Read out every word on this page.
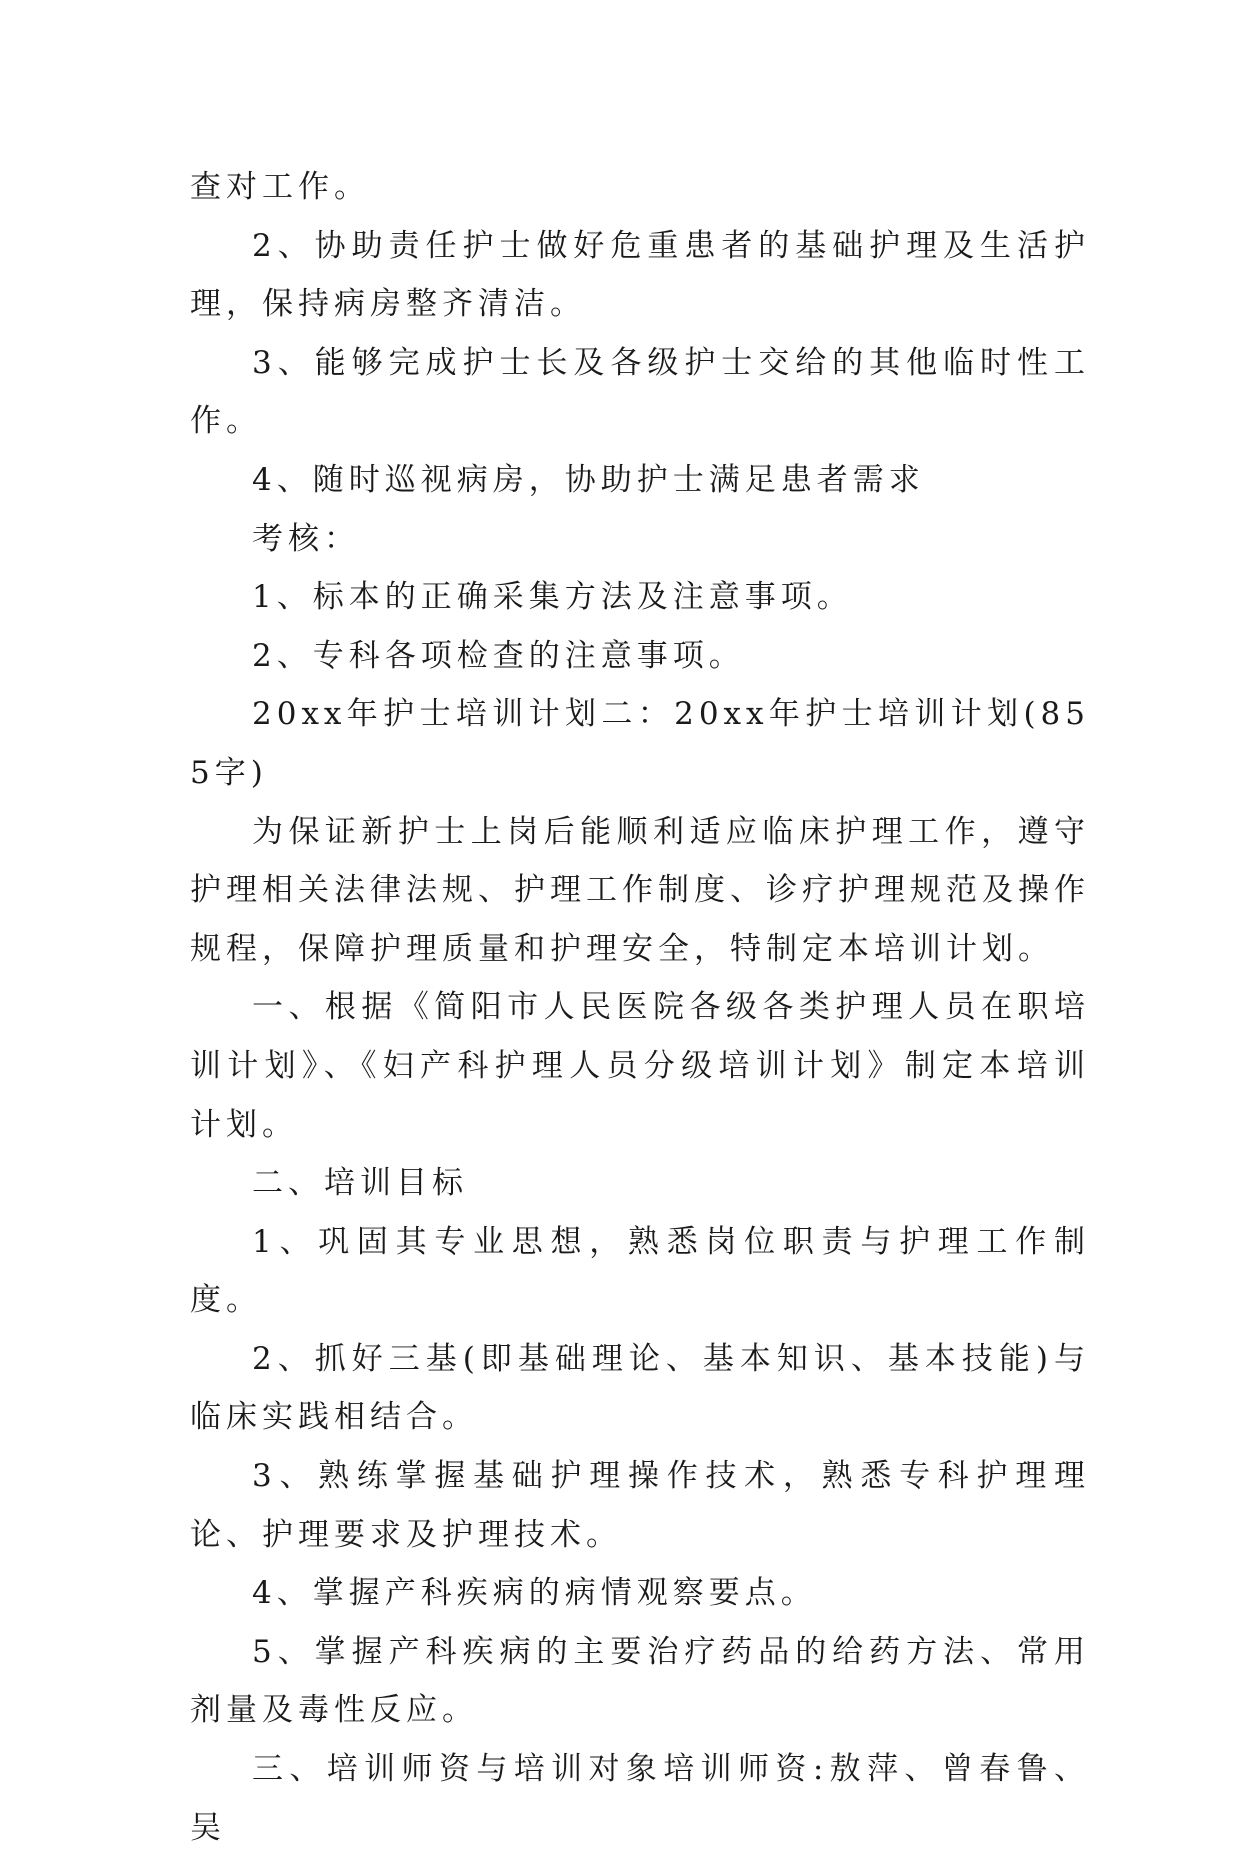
查对工作。

2、协助责任护士做好危重患者的基础护理及生活护理，保持病房整齐清洁。

3、能够完成护士长及各级护士交给的其他临时性工作。

4、随时巡视病房，协助护士满足患者需求

考核：

1、标本的正确采集方法及注意事项。

2、专科各项检查的注意事项。

20xx年护士培训计划二：20xx年护士培训计划(855字)

为保证新护士上岗后能顺利适应临床护理工作，遵守护理相关法律法规、护理工作制度、诊疗护理规范及操作规程，保障护理质量和护理安全，特制定本培训计划。

一、根据《简阳市人民医院各级各类护理人员在职培训计划》、《妇产科护理人员分级培训计划》制定本培训计划。

二、培训目标

1、巩固其专业思想，熟悉岗位职责与护理工作制度。

2、抓好三基(即基础理论、基本知识、基本技能)与临床实践相结合。

3、熟练掌握基础护理操作技术，熟悉专科护理理论、护理要求及护理技术。

4、掌握产科疾病的病情观察要点。

5、掌握产科疾病的主要治疗药品的给药方法、常用剂量及毒性反应。

三、培训师资与培训对象培训师资:敖萍、曾春鲁、吴
